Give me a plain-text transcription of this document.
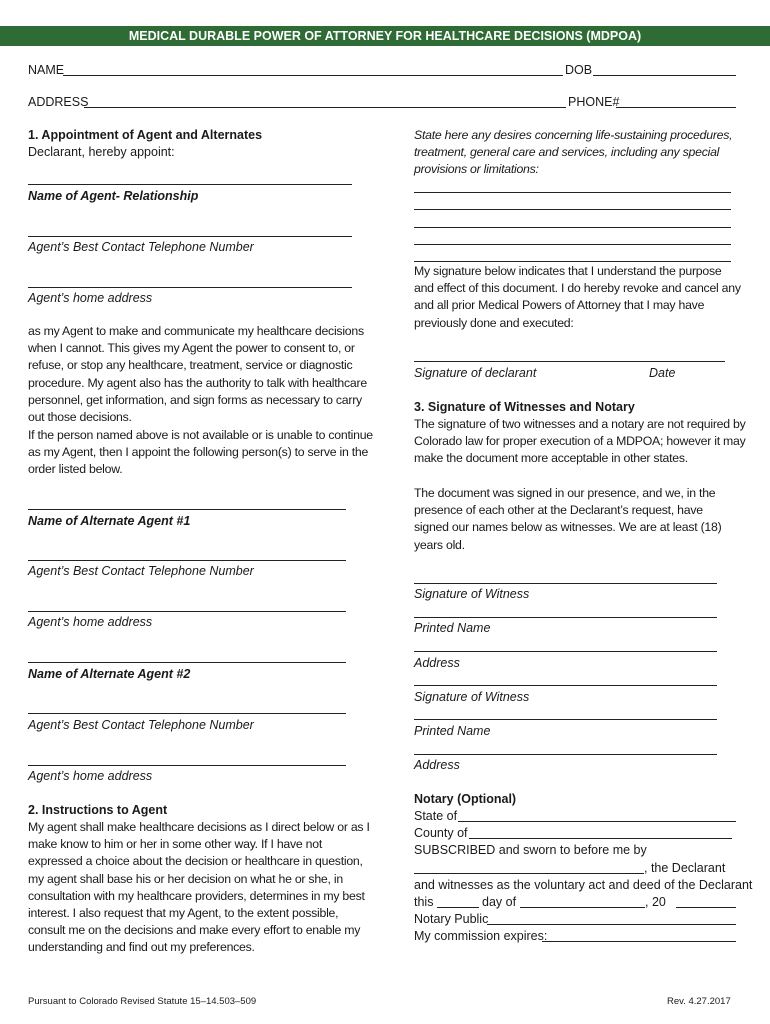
MEDICAL DURABLE POWER OF ATTORNEY FOR HEALTHCARE DECISIONS (MDPOA)
NAME	DOB
ADDRESS	PHONE#
1. Appointment of Agent and Alternates
Declarant, hereby appoint:
Name of Agent- Relationship
Agent’s Best Contact Telephone Number
Agent’s home address
as my Agent to make and communicate my healthcare decisions when I cannot. This gives my Agent the power to consent to, or refuse, or stop any healthcare, treatment, service or diagnostic procedure. My agent also has the authority to talk with healthcare personnel, get information, and sign forms as necessary to carry out those decisions.
If the person named above is not available or is unable to continue as my Agent, then I appoint the following person(s) to serve in the order listed below.
Name of Alternate Agent #1
Agent’s Best Contact Telephone Number
Agent’s home address
Name of Alternate Agent #2
Agent’s Best Contact Telephone Number
Agent’s home address
2. Instructions to Agent
My agent shall make healthcare decisions as I direct below or as I make know to him or her in some other way. If I have not expressed a choice about the decision or healthcare in question, my agent shall base his or her decision on what he or she, in consultation with my healthcare providers, determines in my best interest. I also request that my Agent, to the extent possible, consult me on the decisions and make every effort to enable my understanding and find out my preferences.
State here any desires concerning life-sustaining procedures, treatment, general care and services, including any special provisions or limitations:
My signature below indicates that I understand the purpose and effect of this document. I do hereby revoke and cancel any and all prior Medical Powers of Attorney that I may have previously done and executed:
Signature of declarant	Date
3. Signature of Witnesses and Notary
The signature of two witnesses and a notary are not required by Colorado law for proper execution of a MDPOA; however it may make the document more acceptable in other states.
The document was signed in our presence, and we, in the presence of each other at the Declarant’s request, have signed our names below as witnesses. We are at least (18) years old.
Signature of Witness
Printed Name
Address
Signature of Witness
Printed Name
Address
Notary (Optional)
State of
County of
SUBSCRIBED and sworn to before me by
, the Declarant
and witnesses as the voluntary act and deed of the Declarant
this	day of	, 20
Notary Public
My commission expires:
Pursuant to Colorado Revised Statute 15–14.503–509	Rev. 4.27.2017
